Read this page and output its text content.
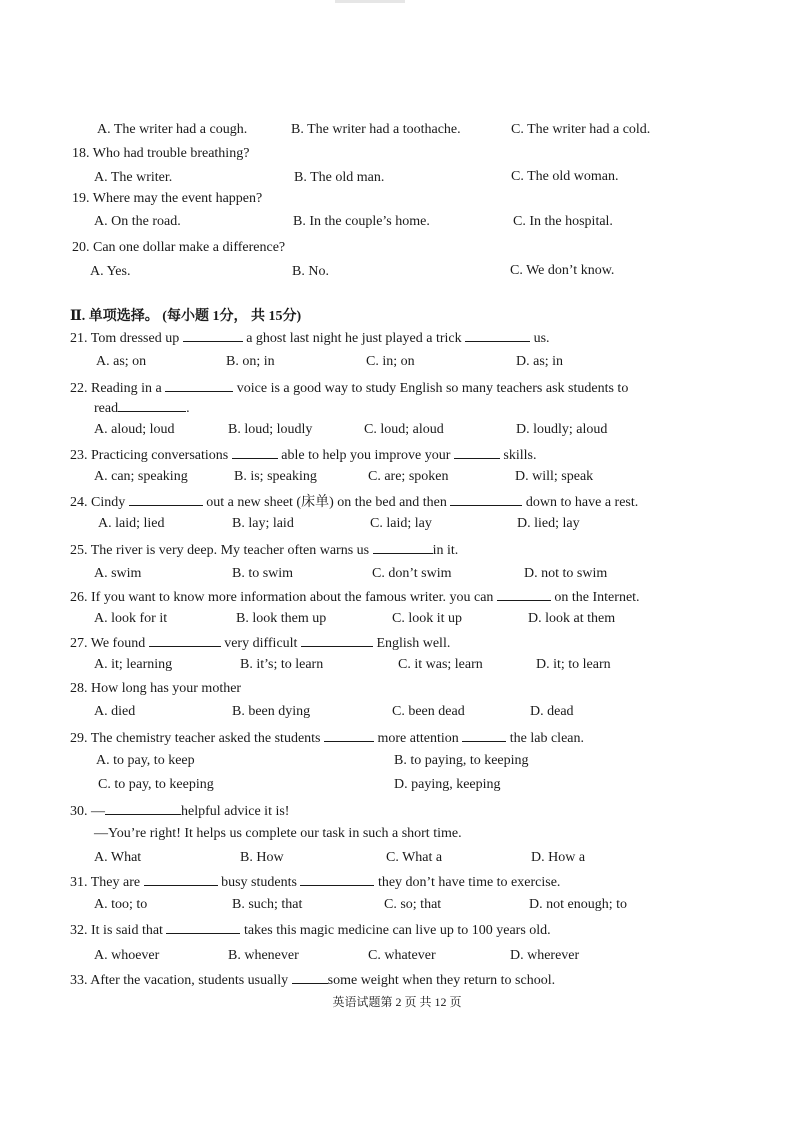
A. The writer had a cough.	B. The writer had a toothache.	C. The writer had a cold.
18. Who had trouble breathing?
A. The writer.	B. The old man.	C. The old woman.
19. Where may the event happen?
A. On the road.	B. In the couple’s home.	C. In the hospital.
20. Can one dollar make a difference?
A. Yes.	B. No.	C. We don’t know.
Ⅱ. 单项选择。 (每小题 1分， 共 15分)
21. Tom dressed up	a ghost last night he just played a trick	us.
A. as; on	B. on; in	C. in; on	D. as; in
22. Reading in a	voice is a good way to study English so many teachers ask students to
read	.
A. aloud; loud	B. loud; loudly	C. loud; aloud	D. loudly; aloud
23. Practicing conversations	able to help you improve your	skills.
A. can; speaking	B. is; speaking	C. are; spoken	D. will; speak
24. Cindy	out a new sheet (床单) on the bed and then	down to have a rest.
A. laid; lied	B. lay; laid	C. laid; lay	D. lied; lay
25. The river is very deep. My teacher often warns us	in it.
A. swim	B. to swim	C. don’t swim	D. not to swim
26. If you want to know more information about the famous writer. you can	on the Internet.
A. look for it	B. look them up	C. look it up	D. look at them
27. We found	very difficult	English well.
A. it; learning	B. it’s; to learn	C. it was; learn	D. it; to learn
28. How long has your mother
A. died	B. been dying	C. been dead	D. dead
29. The chemistry teacher asked the students	more attention	the lab clean.
A. to pay, to keep	B. to paying, to keeping
C. to pay, to keeping	D. paying, keeping
30. —	helpful advice it is!
—You’re right! It helps us complete our task in such a short time.
A. What	B. How	C. What a	D. How a
31. They are	busy students	they don’t have time to exercise.
A. too; to	B. such; that	C. so; that	D. not enough; to
32. It is said that	takes this magic medicine can live up to 100 years old.
A. whoever	B. whenever	C. whatever	D. wherever
33. After the vacation, students usually	some weight when they return to school.
英语试题第 2 页 共 12 页
